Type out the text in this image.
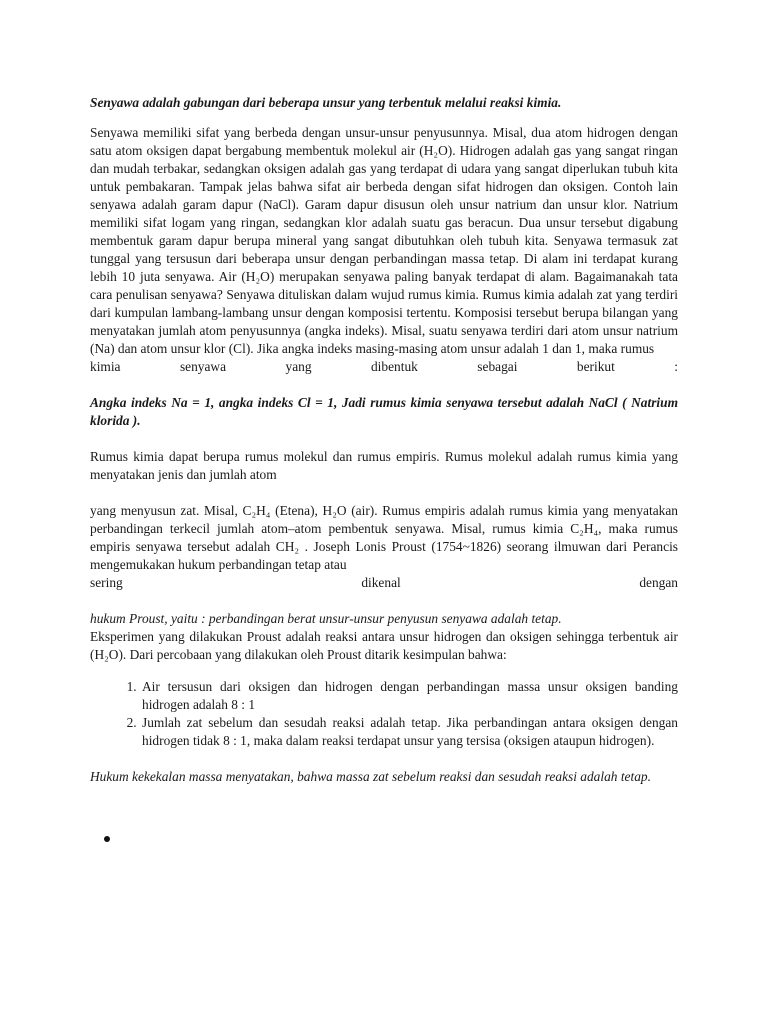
Senyawa adalah gabungan dari beberapa unsur yang terbentuk melalui reaksi kimia.

Senyawa memiliki sifat yang berbeda dengan unsur-unsur penyusunnya. Misal, dua atom hidrogen dengan satu atom oksigen dapat bergabung membentuk molekul air (H₂O). Hidrogen adalah gas yang sangat ringan dan mudah terbakar, sedangkan oksigen adalah gas yang terdapat di udara yang sangat diperlukan tubuh kita untuk pembakaran. Tampak jelas bahwa sifat air berbeda dengan sifat hidrogen dan oksigen. Contoh lain senyawa adalah garam dapur (NaCl). Garam dapur disusun oleh unsur natrium dan unsur klor. Natrium memiliki sifat logam yang ringan, sedangkan klor adalah suatu gas beracun. Dua unsur tersebut digabung membentuk garam dapur berupa mineral yang sangat dibutuhkan oleh tubuh kita. Senyawa termasuk zat tunggal yang tersusun dari beberapa unsur dengan perbandingan massa tetap. Di alam ini terdapat kurang lebih 10 juta senyawa. Air (H₂O) merupakan senyawa paling banyak terdapat di alam. Bagaimanakah tata cara penulisan senyawa? Senyawa dituliskan dalam wujud rumus kimia. Rumus kimia adalah zat yang terdiri dari kumpulan lambang-lambang unsur dengan komposisi tertentu. Komposisi tersebut berupa bilangan yang menyatakan jumlah atom penyusunnya (angka indeks). Misal, suatu senyawa terdiri dari atom unsur natrium (Na) dan atom unsur klor (Cl). Jika angka indeks masing-masing atom unsur adalah 1 dan 1, maka rumus

kimia senyawa yang dibentuk sebagai berikut :

Angka indeks Na = 1, angka indeks Cl = 1, Jadi rumus kimia senyawa tersebut adalah NaCl ( Natrium klorida ).

Rumus kimia dapat berupa rumus molekul dan rumus empiris. Rumus molekul adalah rumus kimia yang menyatakan jenis dan jumlah atom

yang menyusun zat. Misal, C₂H₄ (Etena), H₂O (air). Rumus empiris adalah rumus kimia yang menyatakan perbandingan terkecil jumlah atom–atom pembentuk senyawa. Misal, rumus kimia C₂H₄, maka rumus empiris senyawa tersebut adalah CH₂ . Joseph Lonis Proust (1754~1826) seorang ilmuwan dari Perancis mengemukakan hukum perbandingan tetap atau

sering dikenal dengan

hukum Proust, yaitu : perbandingan berat unsur-unsur penyusun senyawa adalah tetap.

Eksperimen yang dilakukan Proust adalah reaksi antara unsur hidrogen dan oksigen sehingga terbentuk air (H₂O). Dari percobaan yang dilakukan oleh Proust ditarik kesimpulan bahwa:

1. Air tersusun dari oksigen dan hidrogen dengan perbandingan massa unsur oksigen banding hidrogen adalah 8 : 1
2. Jumlah zat sebelum dan sesudah reaksi adalah tetap. Jika perbandingan antara oksigen dengan hidrogen tidak 8 : 1, maka dalam reaksi terdapat unsur yang tersisa (oksigen ataupun hidrogen).

Hukum kekekalan massa menyatakan, bahwa massa zat sebelum reaksi dan sesudah reaksi adalah tetap.
